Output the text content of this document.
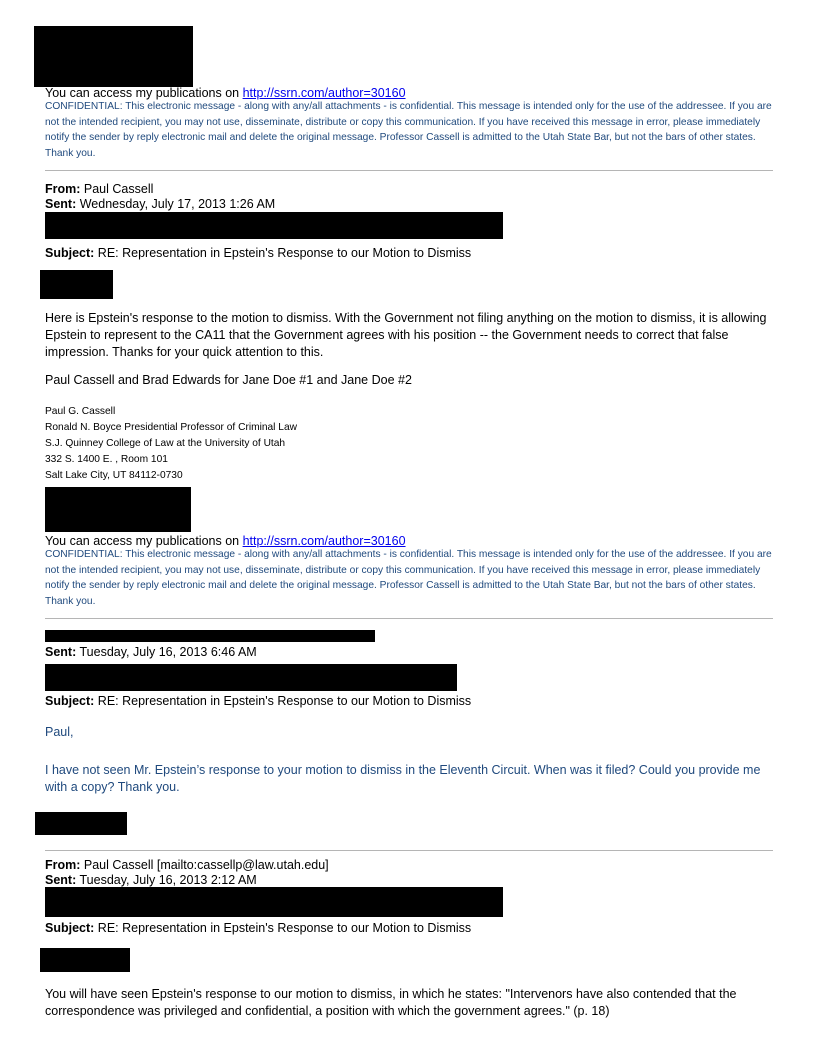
You can access my publications on http://ssrn.com/author=30160
CONFIDENTIAL: This electronic message - along with any/all attachments - is confidential. This message is intended only for the use of the addressee. If you are not the intended recipient, you may not use, disseminate, distribute or copy this communication. If you have received this message in error, please immediately notify the sender by reply electronic mail and delete the original message. Professor Cassell is admitted to the Utah State Bar, but not the bars of other states. Thank you.
From: Paul Cassell
Sent: Wednesday, July 17, 2013 1:26 AM
Subject: RE: Representation in Epstein's Response to our Motion to Dismiss
Here is Epstein's response to the motion to dismiss. With the Government not filing anything on the motion to dismiss, it is allowing Epstein to represent to the CA11 that the Government agrees with his position -- the Government needs to correct that false impression. Thanks for your quick attention to this.
Paul Cassell and Brad Edwards for Jane Doe #1 and Jane Doe #2
Paul G. Cassell
Ronald N. Boyce Presidential Professor of Criminal Law
S.J. Quinney College of Law at the University of Utah
332 S. 1400 E. , Room 101
Salt Lake City, UT 84112-0730
You can access my publications on http://ssrn.com/author=30160
CONFIDENTIAL: This electronic message - along with any/all attachments - is confidential. This message is intended only for the use of the addressee. If you are not the intended recipient, you may not use, disseminate, distribute or copy this communication. If you have received this message in error, please immediately notify the sender by reply electronic mail and delete the original message. Professor Cassell is admitted to the Utah State Bar, but not the bars of other states. Thank you.
Sent: Tuesday, July 16, 2013 6:46 AM
Subject: RE: Representation in Epstein's Response to our Motion to Dismiss
Paul,
I have not seen Mr. Epstein’s response to your motion to dismiss in the Eleventh Circuit. When was it filed? Could you provide me with a copy? Thank you.
From: Paul Cassell [mailto:cassellp@law.utah.edu]
Sent: Tuesday, July 16, 2013 2:12 AM
Subject: RE: Representation in Epstein's Response to our Motion to Dismiss
You will have seen Epstein's response to our motion to dismiss, in which he states: "Intervenors have also contended that the correspondence was privileged and confidential, a position with which the government agrees." (p. 18)
